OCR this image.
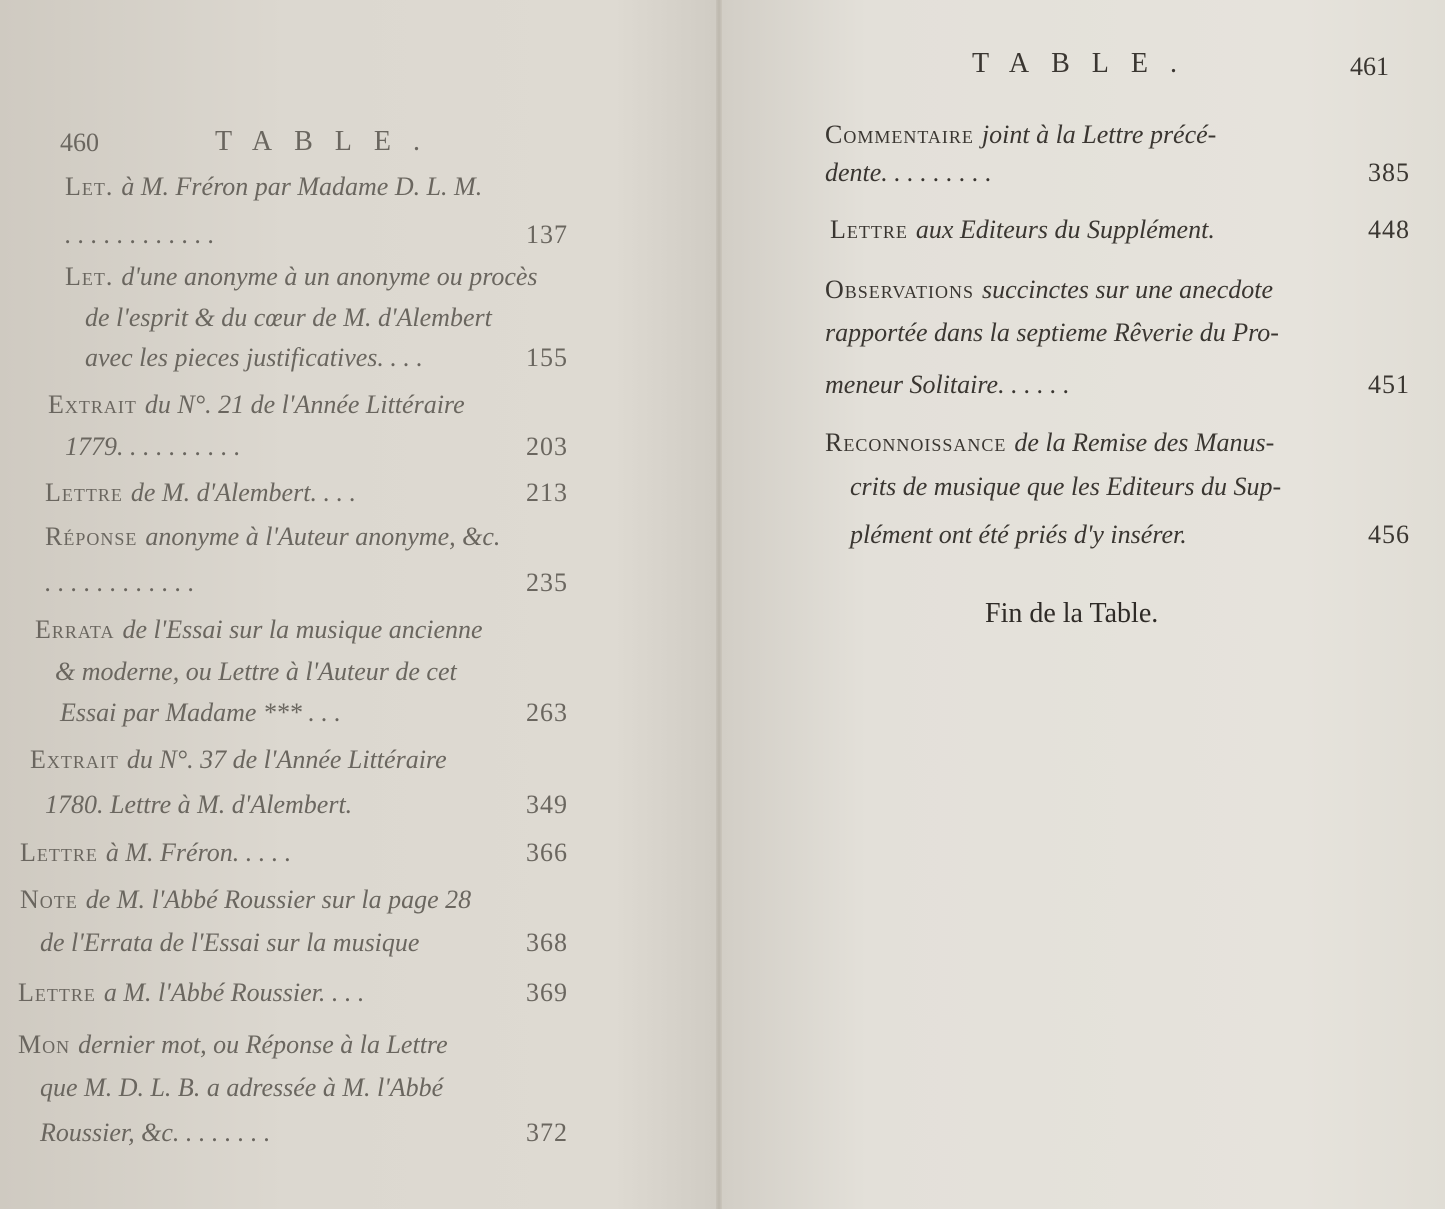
460	TABLE.
Let. à M. Fréron par Madame D. L. M.
. . . . . . . . . . . .	137
Let. d'une anonyme à un anonyme ou procès
de l'esprit & du cœur de M. d'Alembert
avec les pieces justificatives. . . .	155
Extrait du N°. 21 de l'Année Littéraire
1779. . . . . . . . . .	203
Lettre de M. d'Alembert. . . .	213
Réponse anonyme à l'Auteur anonyme, &c.
. . . . . . . . . . . .	235
Errata de l'Essai sur la musique ancienne
& moderne, ou Lettre à l'Auteur de cet
Essai par Madame *** . . .	263
Extrait du N°. 37 de l'Année Littéraire
1780. Lettre à M. d'Alembert.	349
Lettre à M. Fréron. . . . .	366
Note de M. l'Abbé Roussier sur la page 28
de l'Errata de l'Essai sur la musique	368
Lettre a M. l'Abbé Roussier. . . .	369
Mon dernier mot, ou Réponse à la Lettre
que M. D. L. B. a adressée à M. l'Abbé
Roussier, &c. . . . . . . .	372
TABLE.	461
Fin de la Table.
Commentaire joint à la Lettre précé-
dente. . . . . . . . .	385
Lettre aux Editeurs du Supplément.	448
Observations succinctes sur une anecdote
rapportée dans la septieme Rêverie du Pro-
meneur Solitaire. . . . . .	451
Reconnoissance de la Remise des Manus-
crits de musique que les Editeurs du Sup-
plément ont été priés d'y insérer.	456
